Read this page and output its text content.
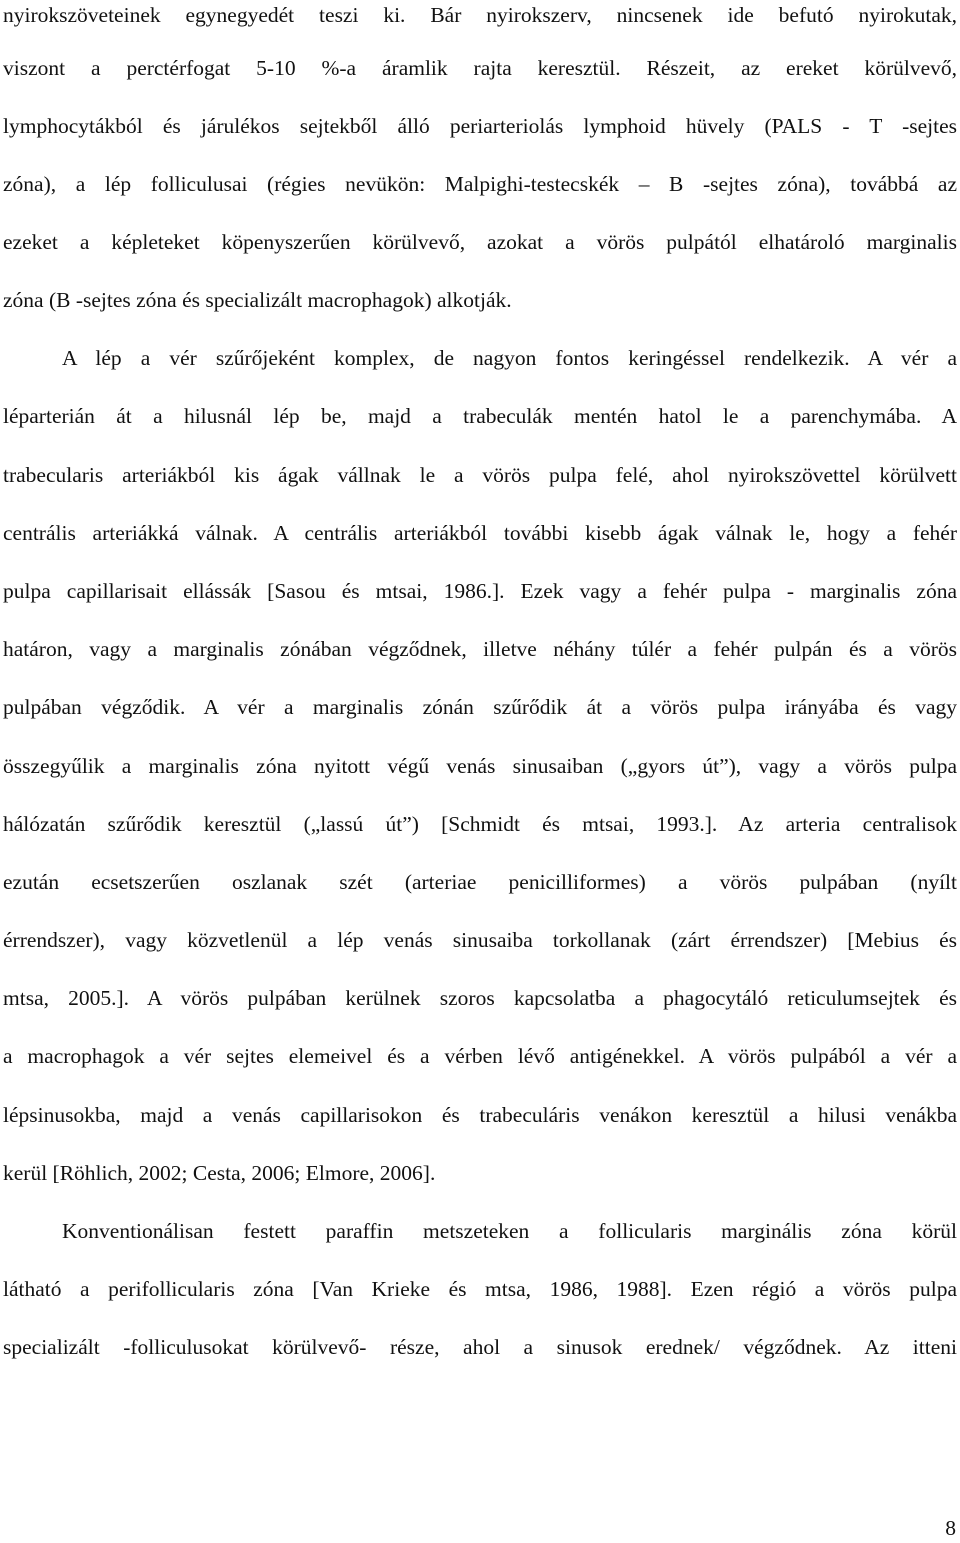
nyirokszöveteinek egynegyedét teszi ki. Bár nyirokszerv, nincsenek ide befutó nyirokutak,
viszont a perctérfogat 5-10 %-a áramlik rajta keresztül. Részeit, az ereket körülvevő,
lymphocytákból és járulékos sejtekből álló periarteriolás lymphoid hüvely (PALS - T -sejtes
zóna), a lép folliculusai (régies nevükön: Malpighi-testecskék – B -sejtes zóna), továbbá az
ezeket a képleteket köpenyszerűen körülvevő, azokat a vörös pulpától elhatároló marginalis
zóna (B -sejtes zóna és specializált macrophagok) alkotják.
A lép a vér szűrőjeként komplex, de nagyon fontos keringéssel rendelkezik. A vér a
léparterián át a hilusnál lép be, majd a trabeculák mentén hatol le a parenchymába. A
trabecularis arteriákból kis ágak vállnak le a vörös pulpa felé, ahol nyirokszövettel körülvett
centrális arteriákká válnak. A centrális arteriákból további kisebb ágak válnak le, hogy a fehér
pulpa capillarisait ellássák [Sasou és mtsai, 1986.]. Ezek vagy a fehér pulpa - marginalis zóna
határon, vagy a marginalis zónában végződnek, illetve néhány túlér a fehér pulpán és a vörös
pulpában végződik. A vér a marginalis zónán szűrődik át a vörös pulpa irányába és vagy
összegyűlik a marginalis zóna nyitott végű venás sinusaiban („gyors út”), vagy a vörös pulpa
hálózatán szűrődik keresztül („lassú út”) [Schmidt és mtsai, 1993.]. Az arteria centralisok
ezután ecsetszerűen oszlanak szét (arteriae penicilliformes) a vörös pulpában (nyílt
érrendszer), vagy közvetlenül a lép venás sinusaiba torkollanak (zárt érrendszer) [Mebius és
mtsa, 2005.]. A vörös pulpában kerülnek szoros kapcsolatba a phagocytáló reticulumsejtek és
a macrophagok a vér sejtes elemeivel és a vérben lévő antigénekkel. A vörös pulpából a vér a
lépsinusokba, majd a venás capillarisokon és trabeculáris venákon keresztül a hilusi venákba
kerül [Röhlich, 2002; Cesta, 2006; Elmore, 2006].
Konventionálisan festett paraffin metszeteken a follicularis marginális zóna körül
látható a perifollicularis zóna [Van Krieke és mtsa, 1986, 1988]. Ezen régió a vörös pulpa
specializált -folliculusokat körülvevő- része, ahol a sinusok erednek/ végződnek. Az itteni
8
